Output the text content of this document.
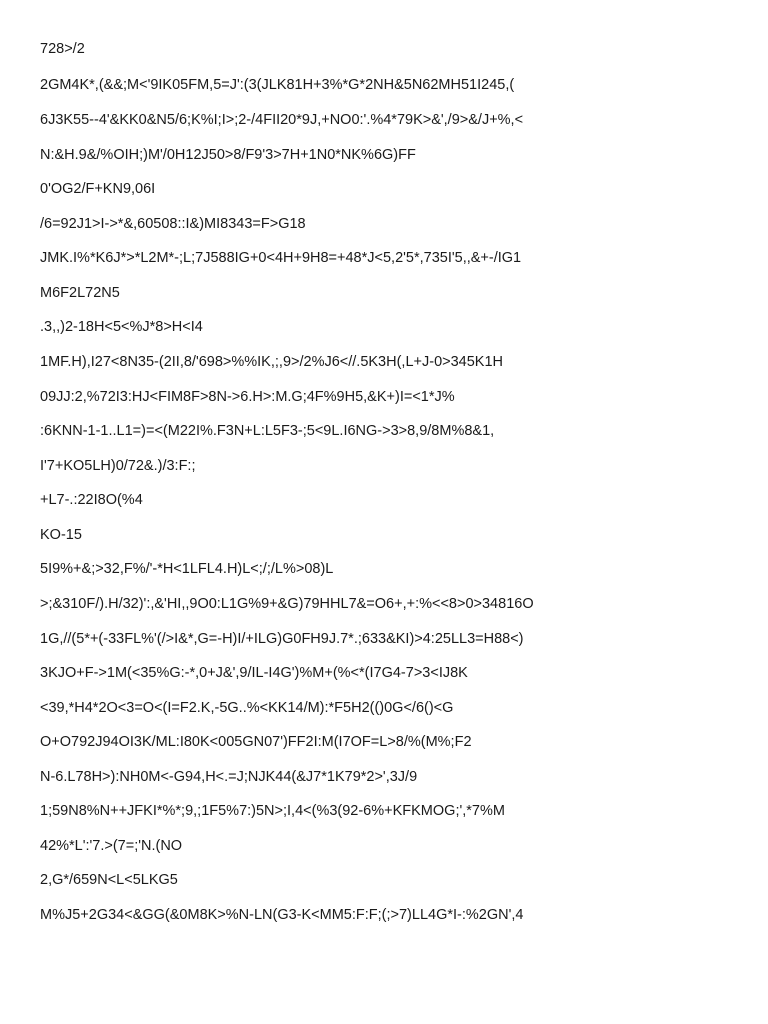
728>/2

2GM4K*,(&&;M<'9IK05FM,5=J':(3(JLK81H+3%*G*2NH&5N62MH51I245,(

6J3K55--4'&KK0&N5/6;K%I;I>;2-/4FII20*9J,+NO0:'.%4*79K>&',/9>&/J+%,<

N:&H.9&/%OIH;)M'/0H12J50>8/F9'3>7H+1N0*NK%6G)FF

0'OG2/F+KN9,06I

/6=92J1>I->*&,60508::I&)MI8343=F>G18

JMK.I%*K6J*>*L2M*-;L;7J588IG+0<4H+9H8=+48*J<5,2'5*,735I'5,,&+-/IG1

M6F2L72N5

.3,,)2-18H<5<%J*8>H<I4

1MF.H),I27<8N35-(2II,8/'698>%%IK,;,9>/2%J6<//.5K3H(,L+J-0>345K1H

09JJ:2,%72I3:HJ<FIM8F>8N->6.H>:M.G;4F%9H5,&K+)I=<1*J%

:6KNN-1-1..L1=)=<(M22I%.F3N+L:L5F3-;5<9L.I6NG->3>8,9/8M%8&1,

I'7+KO5LH)0/72&.)/3:F:;

+L7-.:22I8O(%4

KO-15

5I9%+&;>32,F%/'-*H<1LFL4.H)L<;/;/L%>08)L

>;&310F/).H/32)':,&'HI,,9O0:L1G%9+&G)79HHL7&=O6+,+:%<<8>0>34816O

1G,//(5*+(-33FL%'(/>I&*,G=-H)I/+ILG)G0FH9J.7*.;633&KI)>4:25LL3=H88<)

3KJO+F->1M(<35%G:-*,0+J&',9/IL-I4G')%M+(%<*(I7G4-7>3<IJ8K

<39,*H4*2O<3=O<(I=F2.K,-5G..%<KK14/M):*F5H2(()0G</6()<G

O+O792J94OI3K/ML:I80K<005GN07')FF2I:M(I7OF=L>8/%(M%;F2

N-6.L78H>):NH0M<-G94,H<.=J;NJK44(&J7*1K79*2>',3J/9

1;59N8%N++JFKI*%*;9,;1F5%7:)5N>;I,4<(%3(92-6%+KFKMOG;',*7%M

42%*L':'7.>(7=;'N.(NO

2,G*/659N<L<5LKG5

M%J5+2G34<&GG(&0M8K>%N-LN(G3-K<MM5:F:F;(;>7)LL4G*I-:%2GN',4
